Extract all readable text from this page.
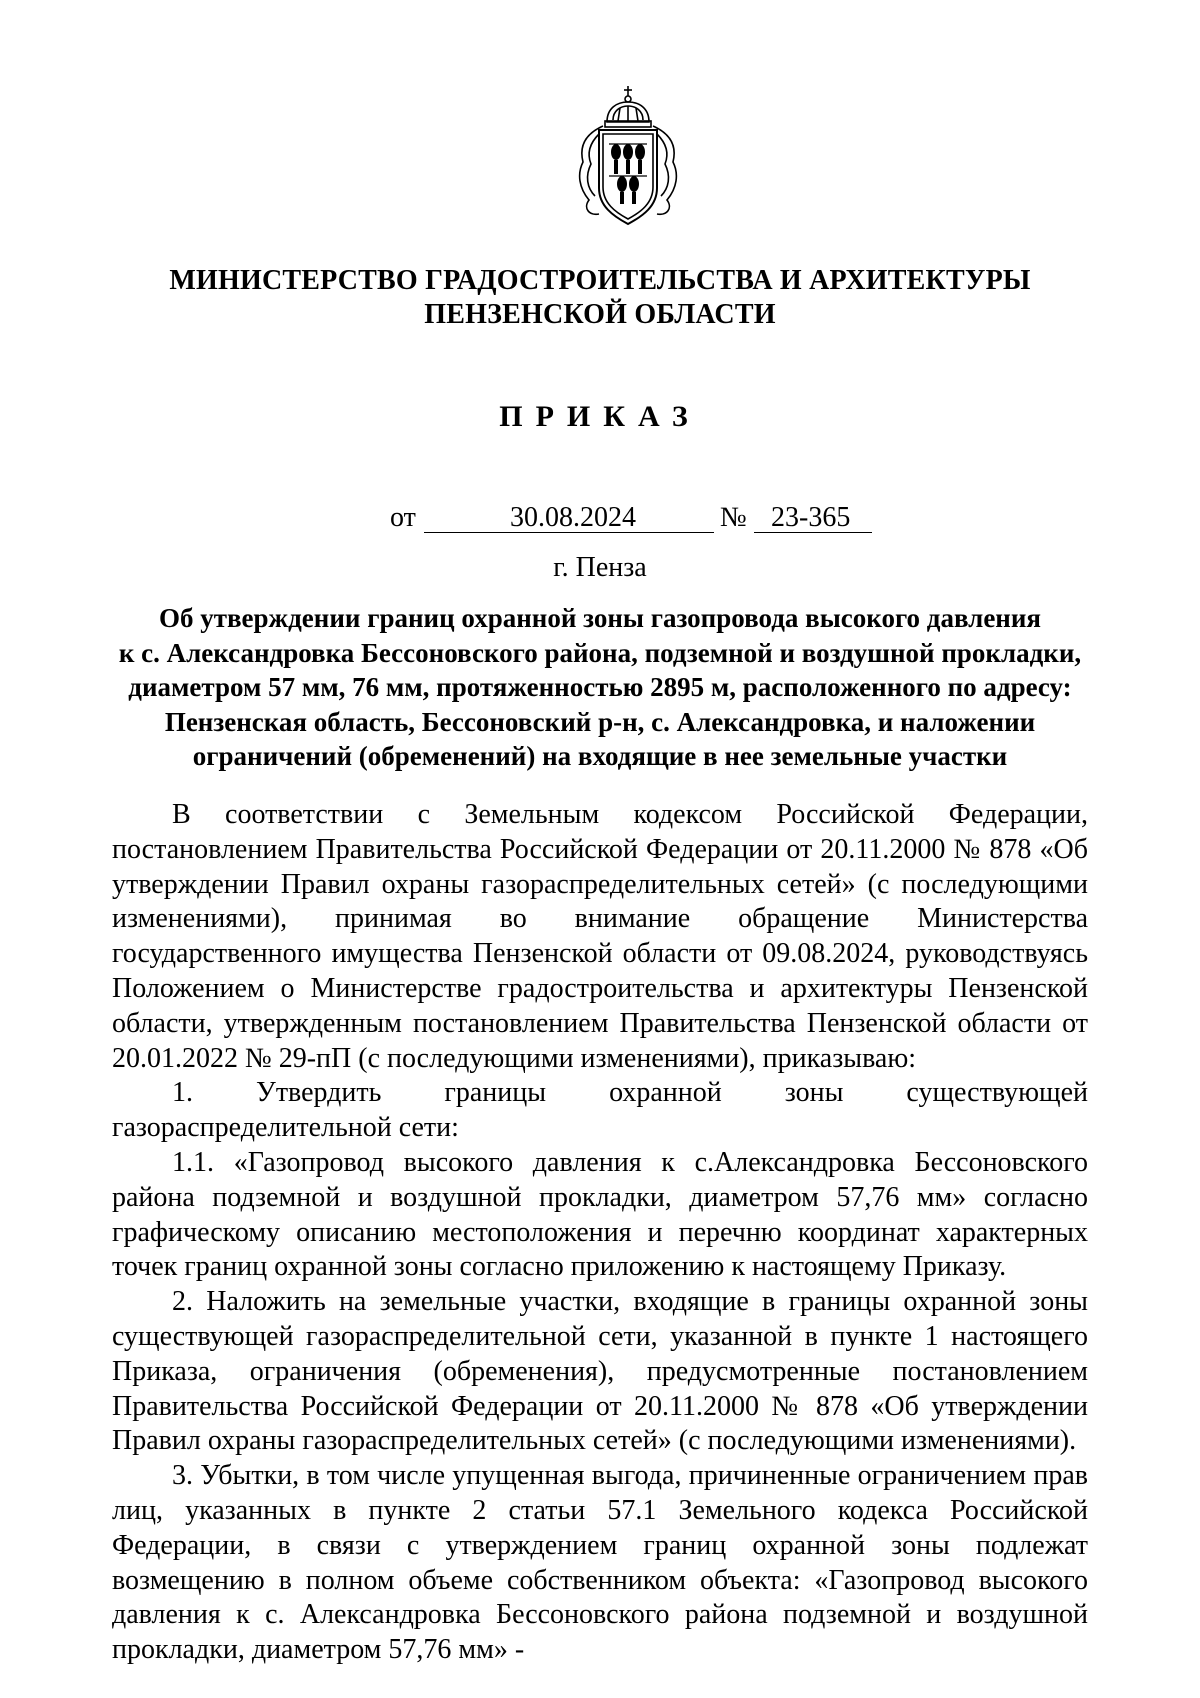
МИНИСТЕРСТВО ГРАДОСТРОИТЕЛЬСТВА И АРХИТЕКТУРЫ
ПЕНЗЕНСКОЙ ОБЛАСТИ
ПРИКАЗ
от	30.08.2024	№ 23-365
г. Пенза
Об утверждении границ охранной зоны газопровода высокого давления
к с. Александровка Бессоновского района, подземной и воздушной прокладки,
диаметром 57 мм, 76 мм, протяженностью 2895 м, расположенного по адресу:
Пензенская область, Бессоновский р-н, с. Александровка, и наложении
ограничений (обременений) на входящие в нее земельные участки

В соответствии с Земельным кодексом Российской Федерации, постановлением Правительства Российской Федерации от 20.11.2000 № 878 «Об утверждении Правил охраны газораспределительных сетей» (с последующими изменениями), принимая во внимание обращение Министерства государственного имущества Пензенской области от 09.08.2024, руководствуясь Положением о Министерстве градостроительства и архитектуры Пензенской области, утвержденным постановлением Правительства Пензенской области от 20.01.2022 № 29-пП (с последующими изменениями), приказываю:

1. Утвердить границы охранной зоны существующей газораспределительной сети:

1.1. «Газопровод высокого давления к с.Александровка Бессоновского района подземной и воздушной прокладки, диаметром 57,76 мм» согласно графическому описанию местоположения и перечню координат характерных точек границ охранной зоны согласно приложению к настоящему Приказу.

2. Наложить на земельные участки, входящие в границы охранной зоны существующей газораспределительной сети, указанной в пункте 1 настоящего Приказа, ограничения (обременения), предусмотренные постановлением Правительства Российской Федерации от 20.11.2000 № 878 «Об утверждении Правил охраны газораспределительных сетей» (с последующими изменениями).

3. Убытки, в том числе упущенная выгода, причиненные ограничением прав лиц, указанных в пункте 2 статьи 57.1 Земельного кодекса Российской Федерации, в связи с утверждением границ охранной зоны подлежат возмещению в полном объеме собственником объекта: «Газопровод высокого давления к с. Александровка Бессоновского района подземной и воздушной прокладки, диаметром 57,76 мм» -
